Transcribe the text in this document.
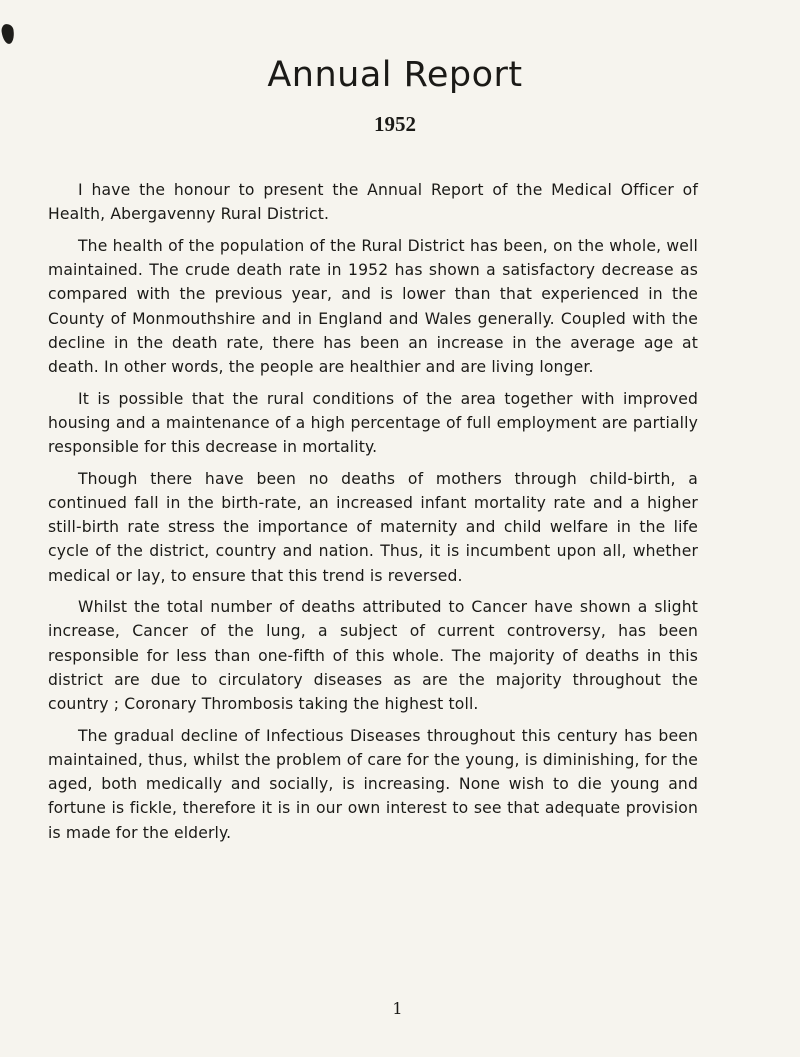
Annual Report
1952

I have the honour to present the Annual Report of the Medical Officer of Health, Abergavenny Rural District.

The health of the population of the Rural District has been, on the whole, well maintained. The crude death rate in 1952 has shown a satisfactory decrease as compared with the previous year, and is lower than that experienced in the County of Monmouthshire and in England and Wales generally. Coupled with the decline in the death rate, there has been an increase in the average age at death. In other words, the people are healthier and are living longer.

It is possible that the rural conditions of the area together with improved housing and a maintenance of a high percentage of full employment are partially responsible for this decrease in mortality.

Though there have been no deaths of mothers through child-birth, a continued fall in the birth-rate, an increased infant mortality rate and a higher still-birth rate stress the importance of maternity and child welfare in the life cycle of the district, country and nation. Thus, it is incumbent upon all, whether medical or lay, to ensure that this trend is reversed.

Whilst the total number of deaths attributed to Cancer have shown a slight increase, Cancer of the lung, a subject of current controversy, has been responsible for less than one-fifth of this whole. The majority of deaths in this district are due to circulatory diseases as are the majority throughout the country ; Coronary Thrombosis taking the highest toll.

The gradual decline of Infectious Diseases throughout this century has been maintained, thus, whilst the problem of care for the young, is diminishing, for the aged, both medically and socially, is increasing. None wish to die young and fortune is fickle, therefore it is in our own interest to see that adequate provision is made for the elderly.

1
